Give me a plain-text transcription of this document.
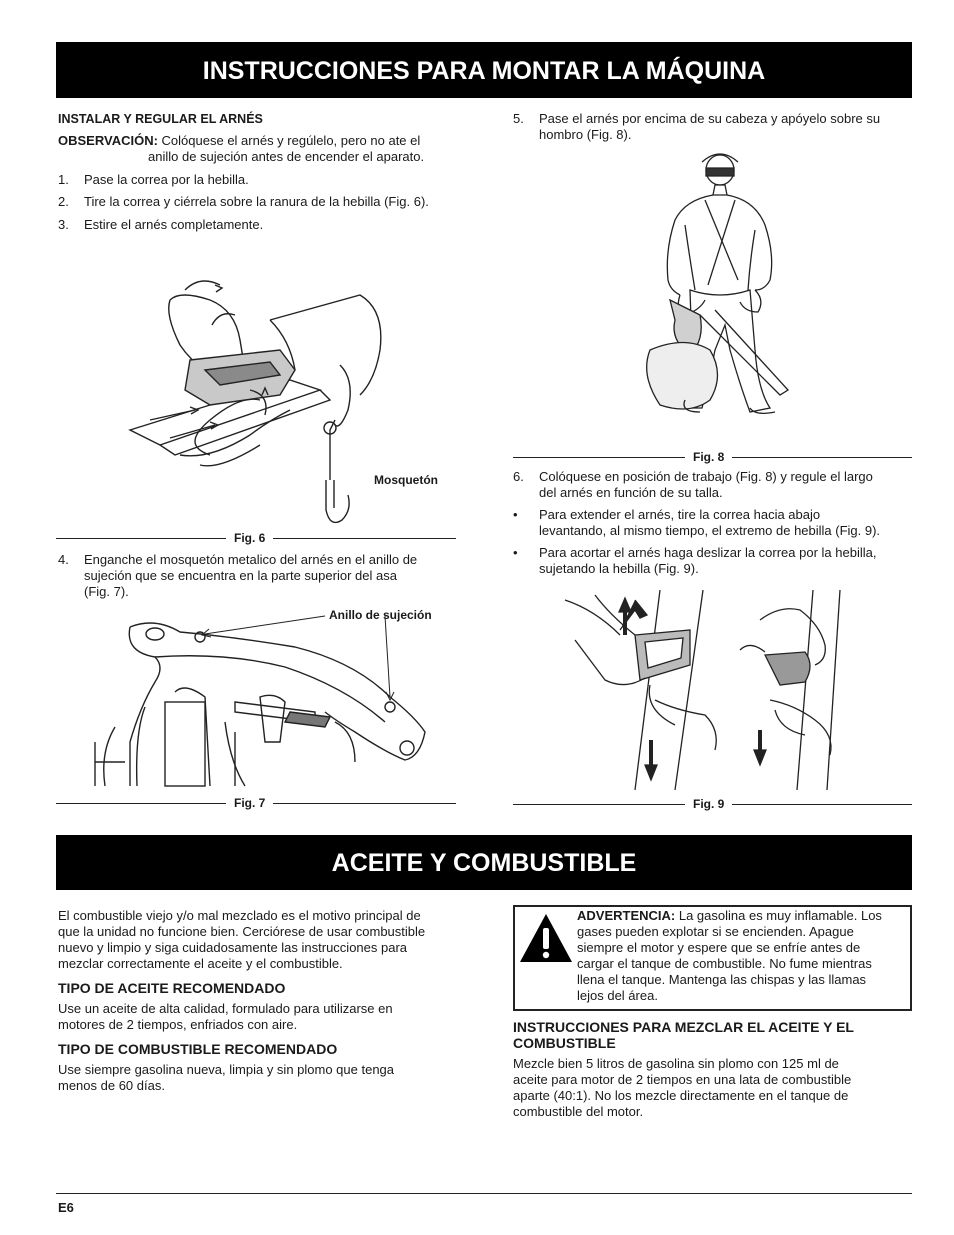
INSTRUCCIONES PARA MONTAR LA MÁQUINA
INSTALAR Y REGULAR EL ARNÉS
OBSERVACIÓN: Colóquese el arnés y regúlelo, pero no ate el
anillo de sujeción antes de encender el aparato.
1. Pase la correa por la hebilla.
2. Tire la correa y ciérrela sobre la ranura de la hebilla (Fig. 6).
3. Estire el arnés completamente.
Mosquetón
Fig. 6
4. Enganche el mosquetón metalico del arnés en el anillo de
sujeción que se encuentra en la parte superior del asa
(Fig. 7).
Anillo de sujeción
Fig. 7
5. Pase el arnés por encima de su cabeza y apóyelo sobre su
hombro (Fig. 8).
Fig. 8
6. Colóquese en posición de trabajo (Fig. 8) y regule el largo
del arnés en función de su talla.
• Para extender el arnés, tire la correa hacia abajo
levantando, al mismo tiempo, el extremo de hebilla (Fig. 9).
• Para acortar el arnés haga deslizar la correa por la hebilla,
sujetando la hebilla (Fig. 9).
Fig. 9
ACEITE Y COMBUSTIBLE
El combustible viejo y/o mal mezclado es el motivo principal de
que la unidad no funcione bien. Cerciórese de usar combustible
nuevo y limpio y siga cuidadosamente las instrucciones para
mezclar correctamente el aceite y el combustible.
TIPO DE ACEITE RECOMENDADO
Use un aceite de alta calidad, formulado para utilizarse en
motores de 2 tiempos, enfriados con aire.
TIPO DE COMBUSTIBLE RECOMENDADO
Use siempre gasolina nueva, limpia y sin plomo que tenga
menos de 60 días.
ADVERTENCIA: La gasolina es muy inflamable. Los
gases pueden explotar si se encienden. Apague
siempre el motor y espere que se enfríe antes de
cargar el tanque de combustible. No fume mientras
llena el tanque. Mantenga las chispas y las llamas
lejos del área.
INSTRUCCIONES PARA MEZCLAR EL ACEITE Y EL
COMBUSTIBLE
Mezcle bien 5 litros de gasolina sin plomo con 125 ml de
aceite para motor de 2 tiempos en una lata de combustible
aparte (40:1). No los mezcle directamente en el tanque de
combustible del motor.
E6
